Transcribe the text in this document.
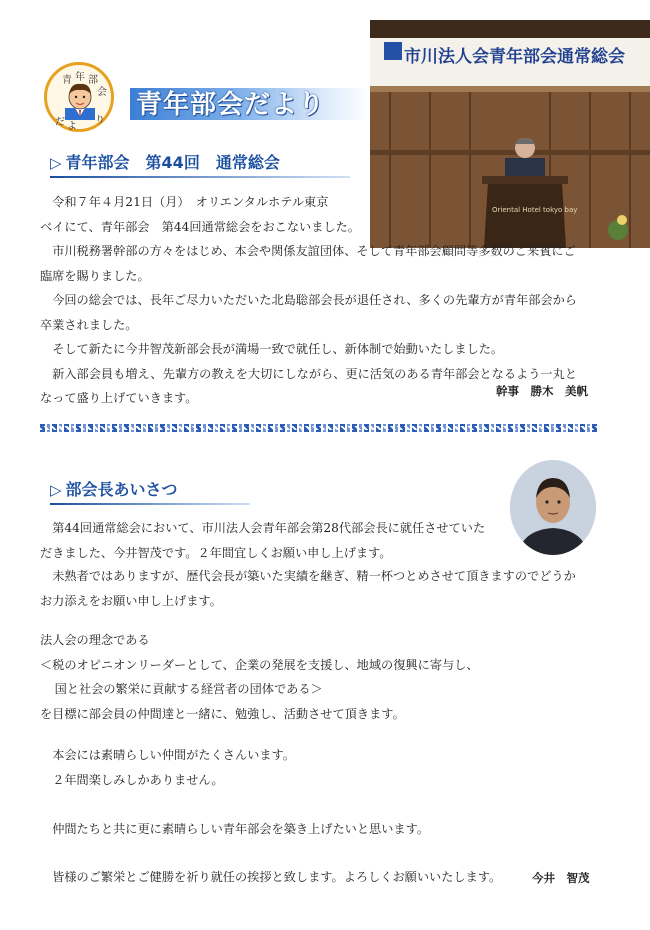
青 年 部
会
だ よ
り
青年部会だより
市川法人会青年部会通常総会
Oriental Hotel tokyo bay
▷ 青年部会　第44回　通常総会

令和７年４月21日（月）　オリエンタルホテル東京

ベイにて、青年部会　第44回通常総会をおこないました。

市川税務署幹部の方々をはじめ、本会や関係友誼団体、そして青年部会顧問等多数のご来賓にご

臨席を賜りました。

今回の総会では、長年ご尽力いただいた北島聡部会長が退任され、多くの先輩方が青年部会から

卒業されました。

そして新たに今井智茂新部会長が満場一致で就任し、新体制で始動いたしました。

新入部会員も増え、先輩方の教えを大切にしながら、更に活気のある青年部会となるよう一丸と

なって盛り上げていきます。	幹事　勝木　美帆
▷ 部会長あいさつ

第44回通常総会において、市川法人会青年部会第28代部会長に就任させていた

だきました、今井智茂です。２年間宜しくお願い申し上げます。

未熟者ではありますが、歴代会長が築いた実績を継ぎ、精一杯つとめさせて頂きますのでどうか

お力添えをお願い申し上げます。

法人会の理念である

＜税のオピニオンリーダーとして、企業の発展を支援し、地域の復興に寄与し、

国と社会の繁栄に貢献する経営者の団体である＞

を目標に部会員の仲間達と一緒に、勉強し、活動させて頂きます。

本会には素晴らしい仲間がたくさんいます。

２年間楽しみしかありません。

仲間たちと共に更に素晴らしい青年部会を築き上げたいと思います。

皆様のご繁栄とご健勝を祈り就任の挨拶と致します。よろしくお願いいたします。	今井　智茂
